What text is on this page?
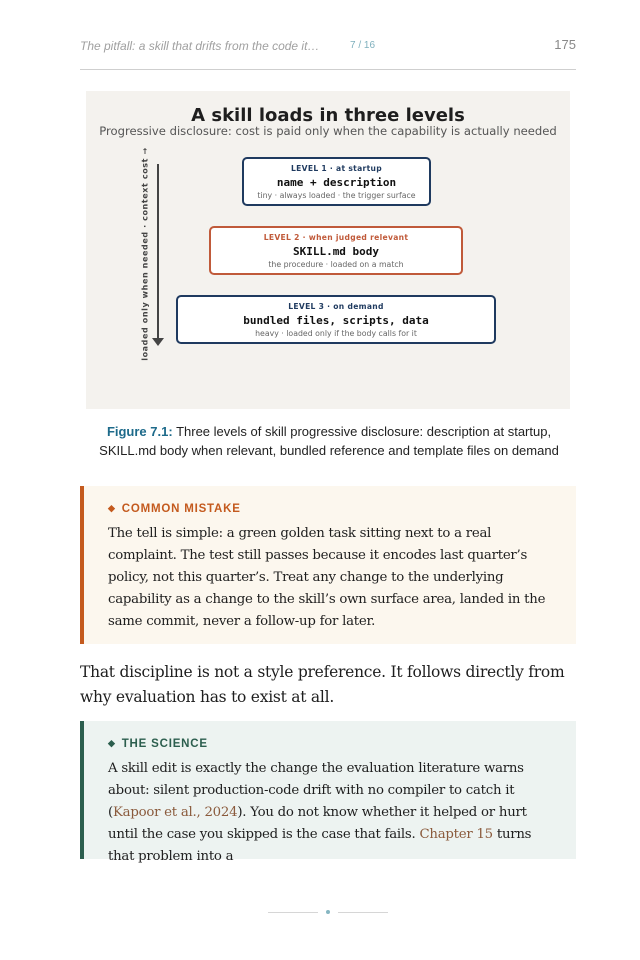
The pitfall: a skill that drifts from the code it…	7 / 16	175
A skill loads in three levels
Progressive disclosure: cost is paid only when the capability is actually needed
loaded only when needed · context cost →	LEVEL 1 · at startup
name + description
tiny · always loaded · the trigger surface
LEVEL 2 · when judged relevant
SKILL.md body
the procedure · loaded on a match
LEVEL 3 · on demand
bundled files, scripts, data
heavy · loaded only if the body calls for it
Figure 7.1: Three levels of skill progressive disclosure: description at startup, SKILL.md body when relevant, bundled reference and template files on demand
◆ COMMON MISTAKE
The tell is simple: a green golden task sitting next to a real complaint. The test still passes because it encodes last quarter’s policy, not this quarter’s. Treat any change to the underlying capability as a change to the skill’s own surface area, landed in the same commit, never a follow-up for later.
That discipline is not a style preference. It follows directly from why evaluation has to exist at all.
◆ THE SCIENCE
A skill edit is exactly the change the evaluation literature warns about: silent production-code drift with no compiler to catch it (Kapoor et al., 2024). You do not know whether it helped or hurt until the case you skipped is the case that fails. Chapter 15 turns that problem into a
